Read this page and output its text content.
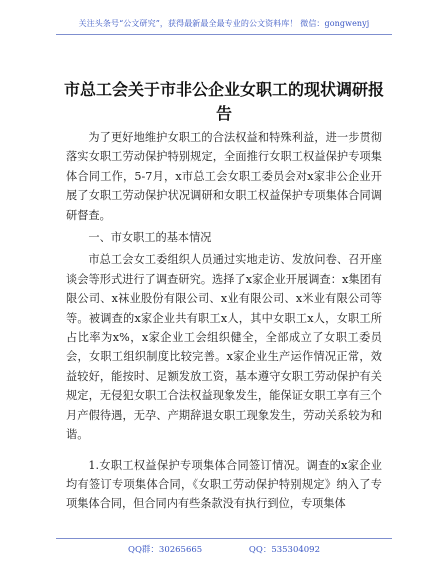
关注头条号“公文研究”，获得最新最全最专业的公文资料库！ 微信：gongwenyj
市总工会关于市非公企业女职工的现状调研报告

为了更好地维护女职工的合法权益和特殊利益，进一步贯彻落实女职工劳动保护特别规定，全面推行女职工权益保护专项集体合同工作，5-7月，x市总工会女职工委员会对x家非公企业开展了女职工劳动保护状况调研和女职工权益保护专项集体合同调研督查。

一、市女职工的基本情况

市总工会女工委组织人员通过实地走访、发放问卷、召开座谈会等形式进行了调查研究。选择了x家企业开展调查：x集团有限公司、x袜业股份有限公司、x业有限公司、x米业有限公司等等。被调查的x家企业共有职工x人，其中女职工x人，女职工所占比率为x%，x家企业工会组织健全，全部成立了女职工委员会，女职工组织制度比较完善。x家企业生产运作情况正常，效益较好，能按时、足额发放工资，基本遵守女职工劳动保护有关规定，无侵犯女职工合法权益现象发生，能保证女职工享有三个月产假待遇，无孕、产期辞退女职工现象发生，劳动关系较为和谐。

1.女职工权益保护专项集体合同签订情况。调查的x家企业均有签订专项集体合同，《女职工劳动保护特别规定》纳入了专项集体合同，但合同内有些条款没有执行到位，专项集体

QQ群：30265665	QQ：535304092
